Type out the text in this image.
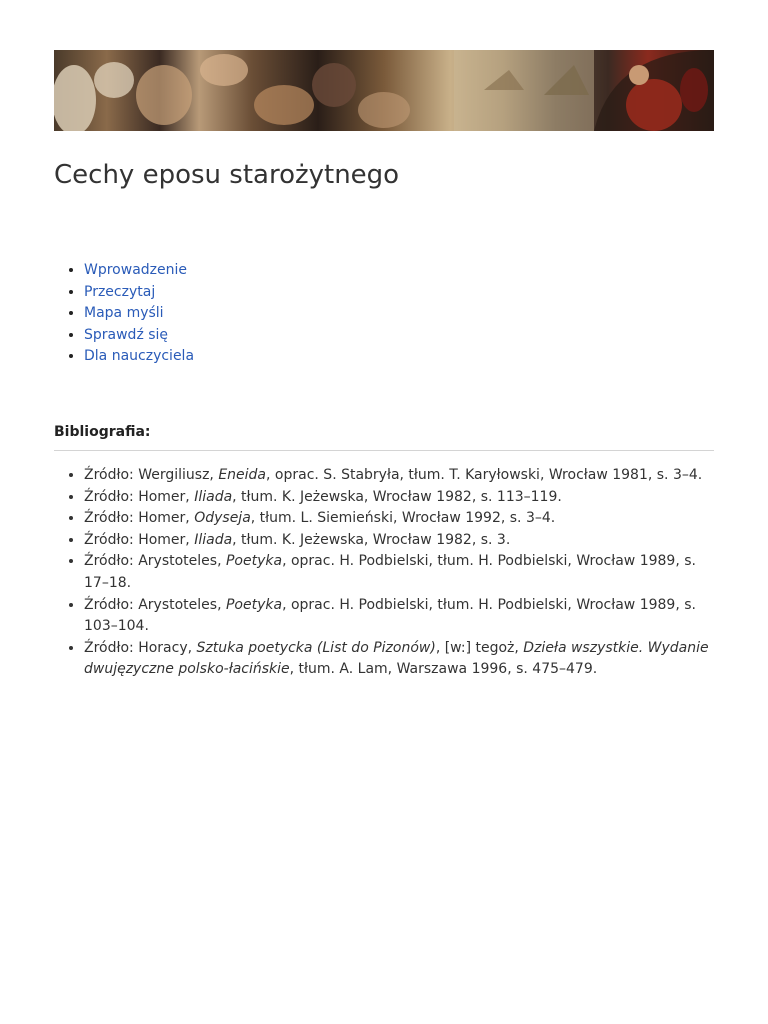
Cechy eposu starożytnego
• Wprowadzenie
• Przeczytaj
• Mapa myśli
• Sprawdź się
• Dla nauczyciela
Bibliografia:
• Źródło: Wergiliusz, Eneida, oprac. S. Stabryła, tłum. T. Karyłowski, Wrocław 1981, s. 3–4.
• Źródło: Homer, Iliada, tłum. K. Jeżewska, Wrocław 1982, s. 113–119.
• Źródło: Homer, Odyseja, tłum. L. Siemieński, Wrocław 1992, s. 3–4.
• Źródło: Homer, Iliada, tłum. K. Jeżewska, Wrocław 1982, s. 3.
• Źródło: Arystoteles, Poetyka, oprac. H. Podbielski, tłum. H. Podbielski, Wrocław 1989, s. 17–18.
• Źródło: Arystoteles, Poetyka, oprac. H. Podbielski, tłum. H. Podbielski, Wrocław 1989, s. 103–104.
• Źródło: Horacy, Sztuka poetycka (List do Pizonów), [w:] tegoż, Dzieła wszystkie. Wydanie dwujęzyczne polsko-łacińskie, tłum. A. Lam, Warszawa 1996, s. 475–479.
